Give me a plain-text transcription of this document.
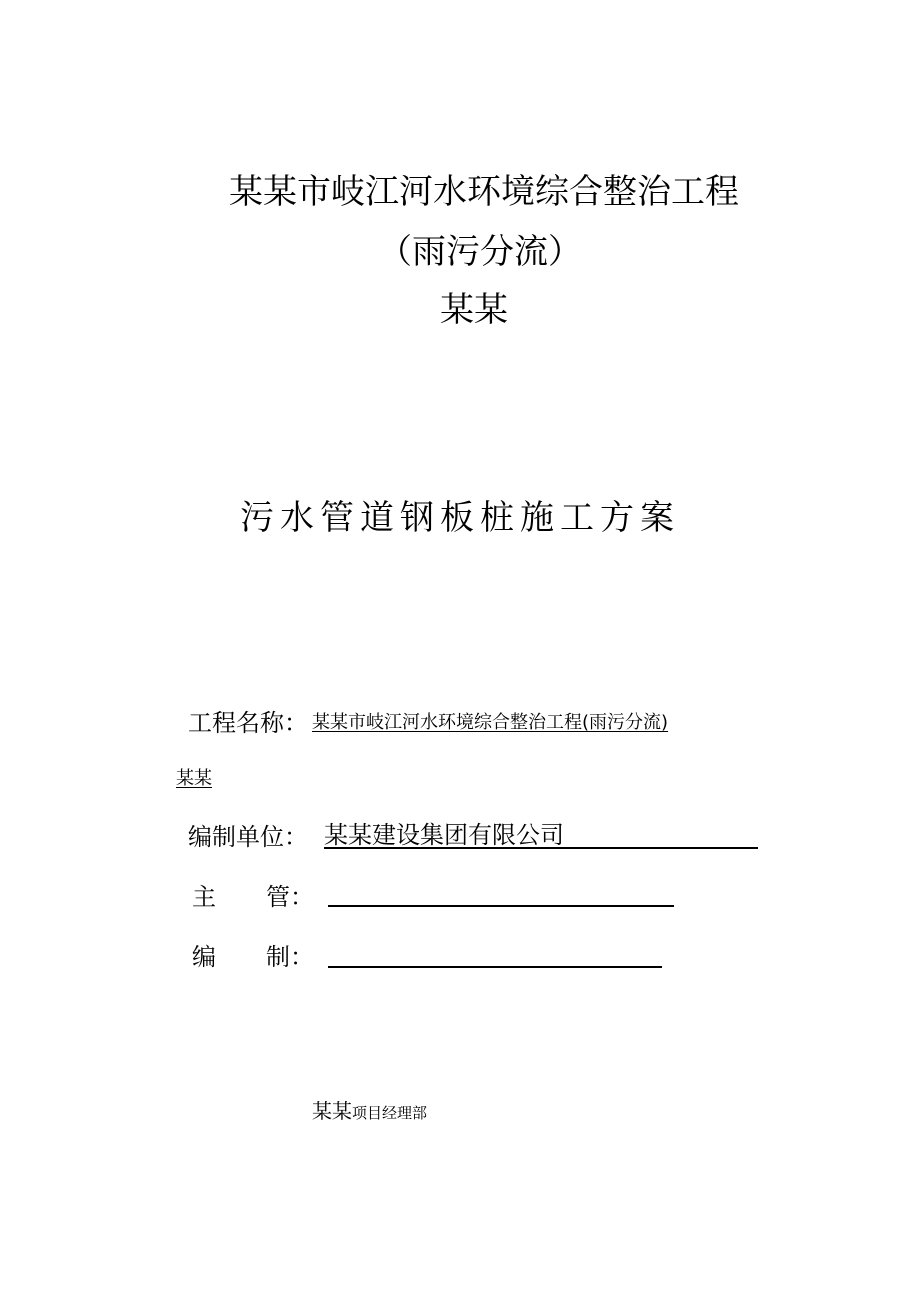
某某市岐江河水环境综合整治工程
（雨污分流）
某某
污水管道钢板桩施工方案
工程名称： 某某市岐江河水环境综合整治工程(雨污分流)
某某
编制单位： 某某建设集团有限公司
主 管：
编 制：
某某项目经理部
